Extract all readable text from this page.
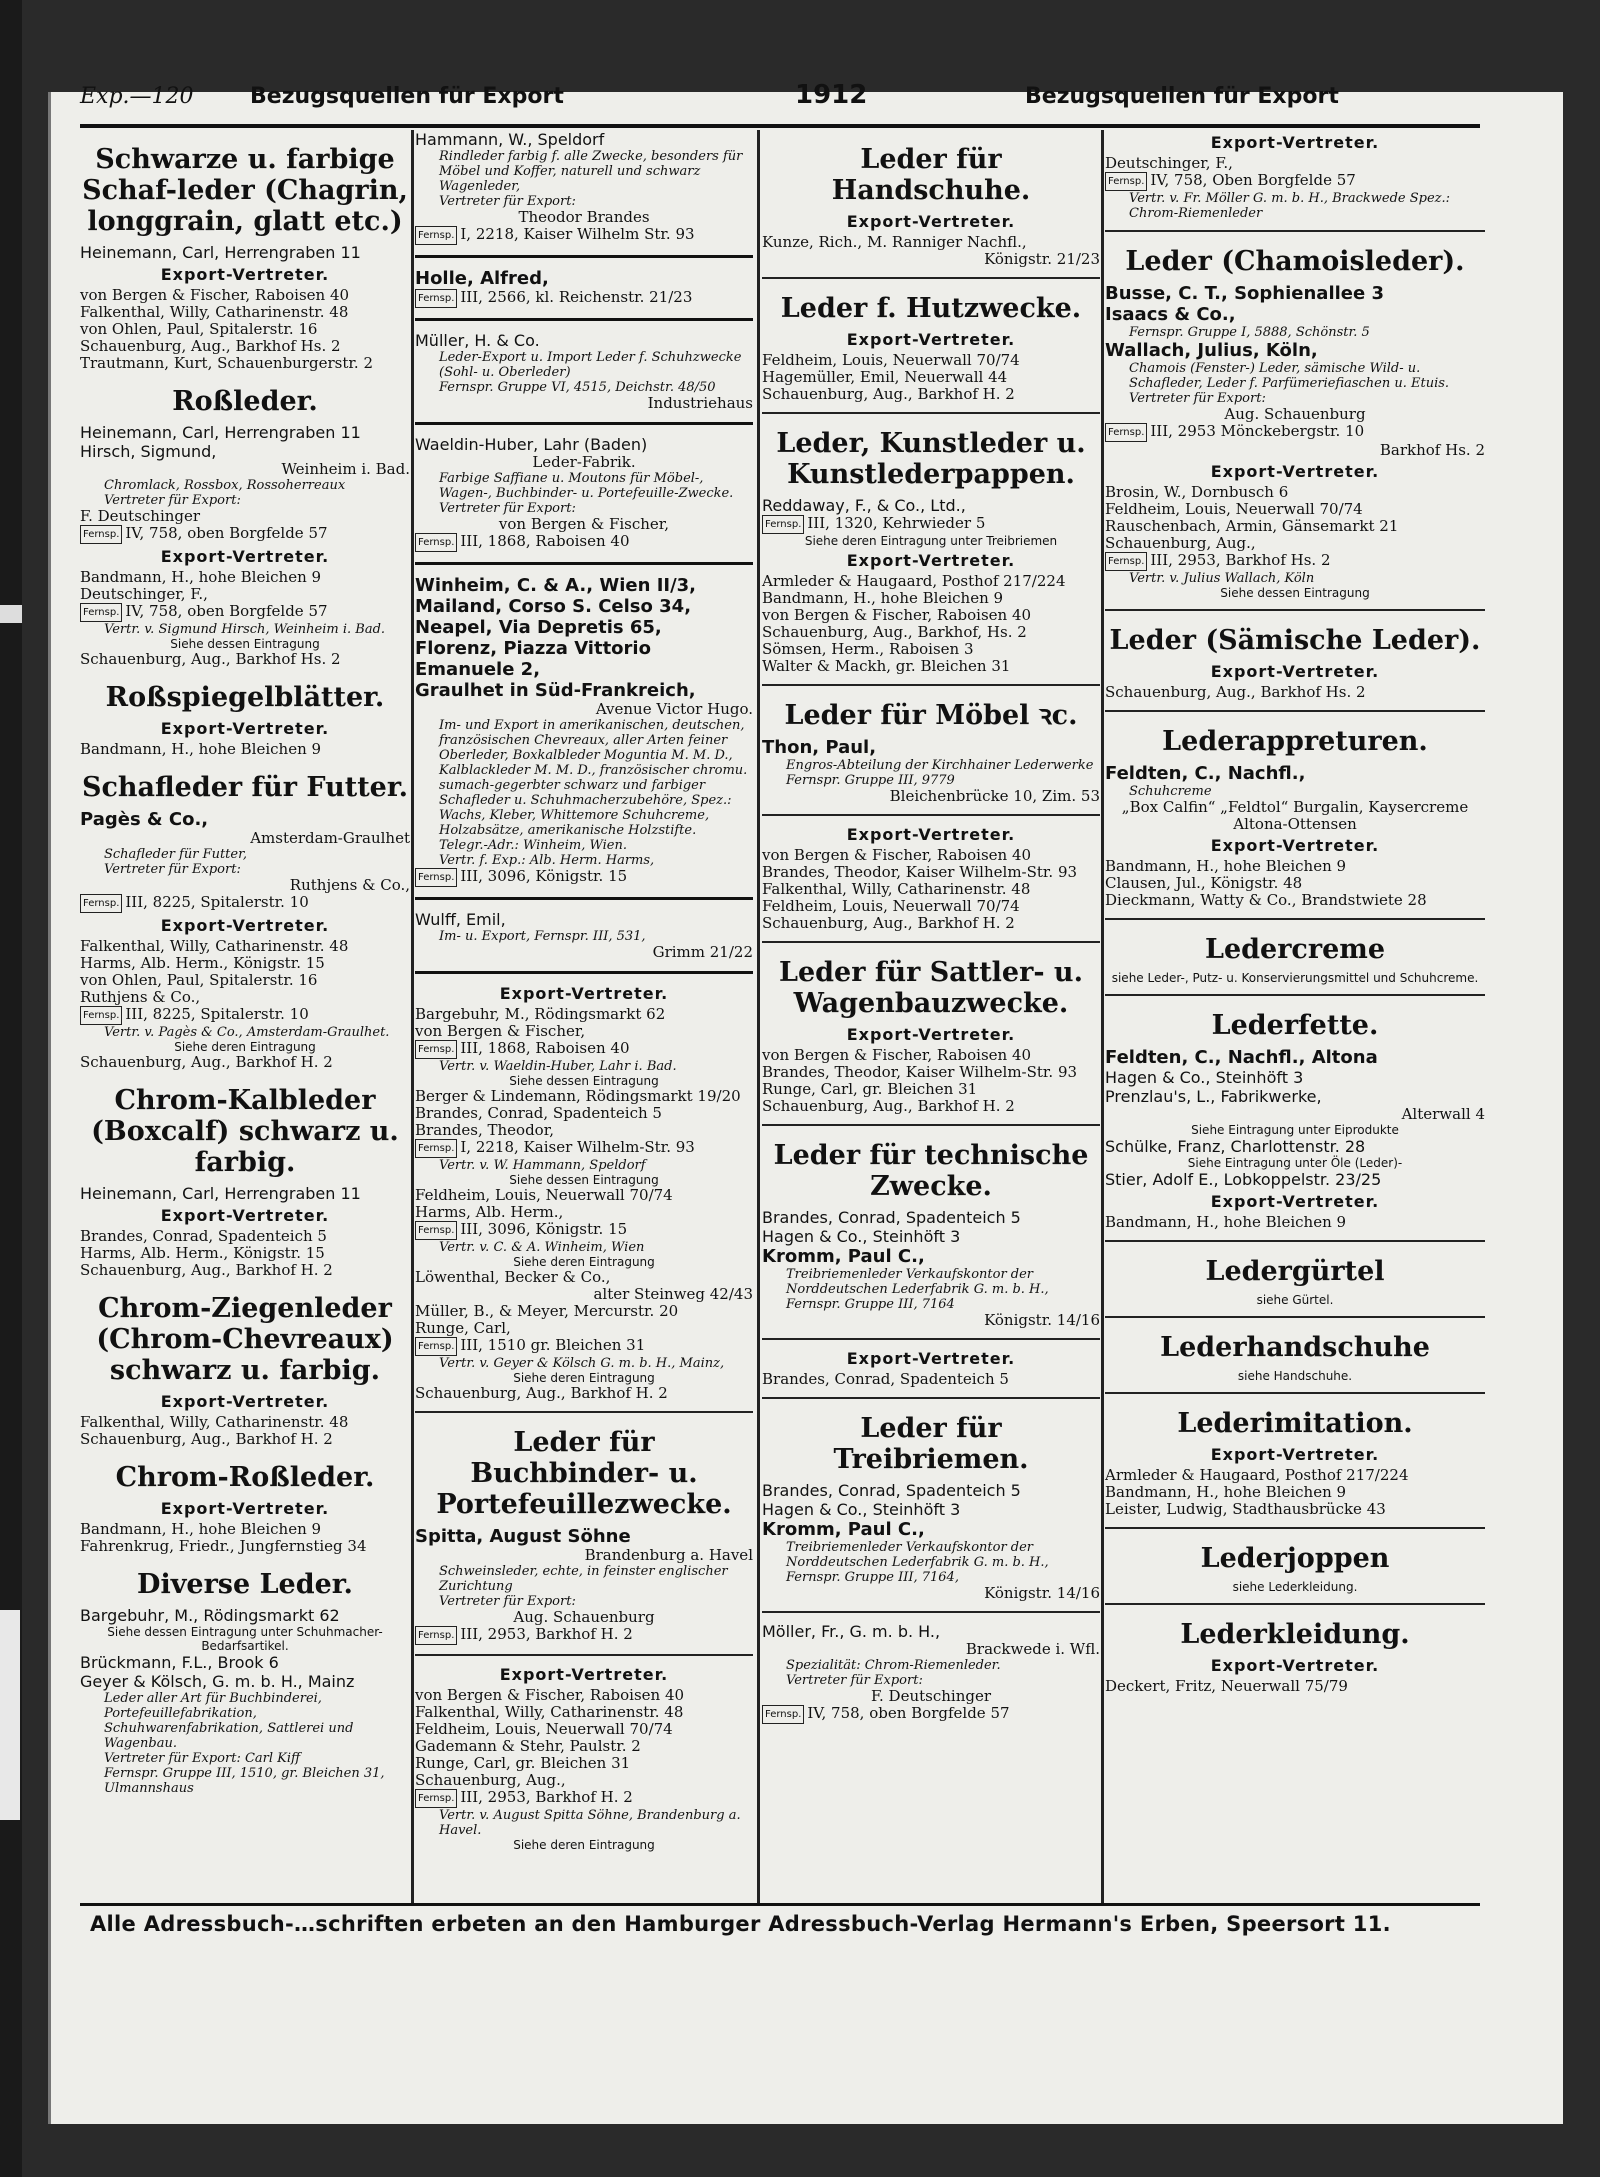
Exp.—120	Bezugsquellen für Export	1912	Bezugsquellen für Export
Schwarze u. farbige Schaf-leder (Chagrin, longgrain, glatt etc.)
Heinemann, Carl, Herrengraben 11
Export-Vertreter.
von Bergen & Fischer, Raboisen 40
Falkenthal, Willy, Catharinenstr. 48
von Ohlen, Paul, Spitalerstr. 16
Schauenburg, Aug., Barkhof Hs. 2
Trautmann, Kurt, Schauenburgerstr. 2
Roßleder.
Heinemann, Carl, Herrengraben 11
Hirsch, Sigmund,
Weinheim i. Bad.
Chromlack, Rossbox, Rossoherreaux
Vertreter für Export:
F. Deutschinger
Fernsp. IV, 758, oben Borgfelde 57
Export-Vertreter.
Bandmann, H., hohe Bleichen 9
Deutschinger, F.,
Fernsp. IV, 758, oben Borgfelde 57
Vertr. v. Sigmund Hirsch, Weinheim i. Bad.
Siehe dessen Eintragung
Schauenburg, Aug., Barkhof Hs. 2
Roßspiegelblätter.
Export-Vertreter.
Bandmann, H., hohe Bleichen 9
Schafleder für Futter.
Pagès & Co.,
Amsterdam-Graulhet
Schafleder für Futter,
Vertreter für Export:
Ruthjens & Co.,
Fernsp. III, 8225, Spitalerstr. 10
Export-Vertreter.
Falkenthal, Willy, Catharinenstr. 48
Harms, Alb. Herm., Königstr. 15
von Ohlen, Paul, Spitalerstr. 16
Ruthjens & Co.,
Fernsp. III, 8225, Spitalerstr. 10
Vertr. v. Pagès & Co., Amsterdam-Graulhet.
Siehe deren Eintragung
Schauenburg, Aug., Barkhof H. 2
Chrom-Kalbleder (Boxcalf) schwarz u. farbig.
Heinemann, Carl, Herrengraben 11
Export-Vertreter.
Brandes, Conrad, Spadenteich 5
Harms, Alb. Herm., Königstr. 15
Schauenburg, Aug., Barkhof H. 2
Chrom-Ziegenleder (Chrom-Chevreaux) schwarz u. farbig.
Export-Vertreter.
Falkenthal, Willy, Catharinenstr. 48
Schauenburg, Aug., Barkhof H. 2
Chrom-Roßleder.
Export-Vertreter.
Bandmann, H., hohe Bleichen 9
Fahrenkrug, Friedr., Jungfernstieg 34
Diverse Leder.
Bargebuhr, M., Rödingsmarkt 62
Siehe dessen Eintragung unter Schuhmacher-Bedarfsartikel.
Brückmann, F.L., Brook 6
Geyer & Kölsch, G. m. b. H., Mainz
Leder aller Art für Buchbinderei, Portefeuillefabrikation, Schuhwarenfabrikation, Sattlerei und Wagenbau.
Vertreter für Export: Carl Kiff
Fernspr. Gruppe III, 1510, gr. Bleichen 31, Ulmannshaus
Hammann, W., Speldorf
Rindleder farbig f. alle Zwecke, besonders für Möbel und Koffer, naturell und schwarz Wagenleder,
Vertreter für Export:
Theodor Brandes
Fernsp. I, 2218, Kaiser Wilhelm Str. 93
Holle, Alfred,
Fernsp. III, 2566, kl. Reichenstr. 21/23
Müller, H. & Co.
Leder-Export u. Import Leder f. Schuhzwecke (Sohl- u. Oberleder)
Fernspr. Gruppe VI, 4515, Deichstr. 48/50
Industriehaus
Waeldin-Huber, Lahr (Baden)
Leder-Fabrik.
Farbige Saffiane u. Moutons für Möbel-, Wagen-, Buchbinder- u. Portefeuille-Zwecke.
Vertreter für Export:
von Bergen & Fischer,
Fernsp. III, 1868, Raboisen 40
Winheim, C. & A., Wien II/3,
Mailand, Corso S. Celso 34,
Neapel, Via Depretis 65,
Florenz, Piazza Vittorio Emanuele 2,
Graulhet in Süd-Frankreich,
Avenue Victor Hugo.
Im- und Export in amerikanischen, deutschen, französischen Chevreaux, aller Arten feiner Oberleder, Boxkalbleder Moguntia M. M. D., Kalblackleder M. M. D., französischer chromu. sumach-gegerbter schwarz und farbiger Schafleder u. Schuhmacherzubehöre, Spez.: Wachs, Kleber, Whittemore Schuhcreme, Holzabsätze, amerikanische Holzstifte.
Telegr.-Adr.: Winheim, Wien.
Vertr. f. Exp.: Alb. Herm. Harms,
Fernsp. III, 3096, Königstr. 15
Wulff, Emil,
Im- u. Export, Fernspr. III, 531,
Grimm 21/22
Export-Vertreter.
Bargebuhr, M., Rödingsmarkt 62
von Bergen & Fischer,
Fernsp. III, 1868, Raboisen 40
Vertr. v. Waeldin-Huber, Lahr i. Bad.
Siehe dessen Eintragung
Berger & Lindemann, Rödingsmarkt 19/20
Brandes, Conrad, Spadenteich 5
Brandes, Theodor,
Fernsp. I, 2218, Kaiser Wilhelm-Str. 93
Vertr. v. W. Hammann, Speldorf
Siehe dessen Eintragung
Feldheim, Louis, Neuerwall 70/74
Harms, Alb. Herm.,
Fernsp. III, 3096, Königstr. 15
Vertr. v. C. & A. Winheim, Wien
Siehe deren Eintragung
Löwenthal, Becker & Co.,
alter Steinweg 42/43
Müller, B., & Meyer, Mercurstr. 20
Runge, Carl,
Fernsp. III, 1510 gr. Bleichen 31
Vertr. v. Geyer & Kölsch G. m. b. H., Mainz,
Siehe deren Eintragung
Schauenburg, Aug., Barkhof H. 2
Leder für Buchbinder- u. Portefeuillezwecke.
Spitta, August Söhne
Brandenburg a. Havel
Schweinsleder, echte, in feinster englischer Zurichtung
Vertreter für Export:
Aug. Schauenburg
Fernsp. III, 2953, Barkhof H. 2
Export-Vertreter.
von Bergen & Fischer, Raboisen 40
Falkenthal, Willy, Catharinenstr. 48
Feldheim, Louis, Neuerwall 70/74
Gademann & Stehr, Paulstr. 2
Runge, Carl, gr. Bleichen 31
Schauenburg, Aug.,
Fernsp. III, 2953, Barkhof H. 2
Vertr. v. August Spitta Söhne, Brandenburg a. Havel.
Siehe deren Eintragung
Leder für Handschuhe.
Export-Vertreter.
Kunze, Rich., M. Ranniger Nachfl.,
Königstr. 21/23
Leder f. Hutzwecke.
Export-Vertreter.
Feldheim, Louis, Neuerwall 70/74
Hagemüller, Emil, Neuerwall 44
Schauenburg, Aug., Barkhof H. 2
Leder, Kunstleder u. Kunstlederpappen.
Reddaway, F., & Co., Ltd.,
Fernsp. III, 1320, Kehrwieder 5
Siehe deren Eintragung unter Treibriemen
Export-Vertreter.
Armleder & Haugaard, Posthof 217/224
Bandmann, H., hohe Bleichen 9
von Bergen & Fischer, Raboisen 40
Schauenburg, Aug., Barkhof, Hs. 2
Sömsen, Herm., Raboisen 3
Walter & Mackh, gr. Bleichen 31
Leder für Möbel ꝛc.
Thon, Paul,
Engros-Abteilung der Kirchhainer Lederwerke
Fernspr. Gruppe III, 9779
Bleichenbrücke 10, Zim. 53
Export-Vertreter.
von Bergen & Fischer, Raboisen 40
Brandes, Theodor, Kaiser Wilhelm-Str. 93
Falkenthal, Willy, Catharinenstr. 48
Feldheim, Louis, Neuerwall 70/74
Schauenburg, Aug., Barkhof H. 2
Leder für Sattler- u. Wagenbauzwecke.
Export-Vertreter.
von Bergen & Fischer, Raboisen 40
Brandes, Theodor, Kaiser Wilhelm-Str. 93
Runge, Carl, gr. Bleichen 31
Schauenburg, Aug., Barkhof H. 2
Leder für technische Zwecke.
Brandes, Conrad, Spadenteich 5
Hagen & Co., Steinhöft 3
Kromm, Paul C.,
Treibriemenleder Verkaufskontor der Norddeutschen Lederfabrik G. m. b. H.,
Fernspr. Gruppe III, 7164
Königstr. 14/16
Export-Vertreter.
Brandes, Conrad, Spadenteich 5
Leder für Treibriemen.
Brandes, Conrad, Spadenteich 5
Hagen & Co., Steinhöft 3
Kromm, Paul C.,
Treibriemenleder Verkaufskontor der Norddeutschen Lederfabrik G. m. b. H.,
Fernspr. Gruppe III, 7164,
Königstr. 14/16
Möller, Fr., G. m. b. H.,
Brackwede i. Wfl.
Spezialität: Chrom-Riemenleder.
Vertreter für Export:
F. Deutschinger
Fernsp. IV, 758, oben Borgfelde 57
Export-Vertreter.
Deutschinger, F.,
Fernsp. IV, 758, Oben Borgfelde 57
Vertr. v. Fr. Möller G. m. b. H., Brackwede Spez.: Chrom-Riemenleder
Leder (Chamoisleder).
Busse, C. T., Sophienallee 3
Isaacs & Co.,
Fernspr. Gruppe I, 5888, Schönstr. 5
Wallach, Julius, Köln,
Chamois (Fenster-) Leder, sämische Wild- u. Schafleder, Leder f. Parfümeriefiaschen u. Etuis.
Vertreter für Export:
Aug. Schauenburg
Fernsp. III, 2953 Mönckebergstr. 10
Barkhof Hs. 2
Export-Vertreter.
Brosin, W., Dornbusch 6
Feldheim, Louis, Neuerwall 70/74
Rauschenbach, Armin, Gänsemarkt 21
Schauenburg, Aug.,
Fernsp. III, 2953, Barkhof Hs. 2
Vertr. v. Julius Wallach, Köln
Siehe dessen Eintragung
Leder (Sämische Leder).
Export-Vertreter.
Schauenburg, Aug., Barkhof Hs. 2
Lederappreturen.
Feldten, C., Nachfl.,
Schuhcreme
„Box Calfin“ „Feldtol“ Burgalin, Kaysercreme
Altona-Ottensen
Export-Vertreter.
Bandmann, H., hohe Bleichen 9
Clausen, Jul., Königstr. 48
Dieckmann, Watty & Co., Brandstwiete 28
Ledercreme
siehe Leder-, Putz- u. Konservierungsmittel und Schuhcreme.
Lederfette.
Feldten, C., Nachfl., Altona
Hagen & Co., Steinhöft 3
Prenzlau's, L., Fabrikwerke,
Alterwall 4
Siehe Eintragung unter Eiprodukte
Schülke, Franz, Charlottenstr. 28
Siehe Eintragung unter Öle (Leder)-
Stier, Adolf E., Lobkoppelstr. 23/25
Export-Vertreter.
Bandmann, H., hohe Bleichen 9
Ledergürtel
siehe Gürtel.
Lederhandschuhe
siehe Handschuhe.
Lederimitation.
Export-Vertreter.
Armleder & Haugaard, Posthof 217/224
Bandmann, H., hohe Bleichen 9
Leister, Ludwig, Stadthausbrücke 43
Lederjoppen
siehe Lederkleidung.
Lederkleidung.
Export-Vertreter.
Deckert, Fritz, Neuerwall 75/79
Alle Adressbuch-…schriften erbeten an den Hamburger Adressbuch-Verlag Hermann's Erben, Speersort 11.
